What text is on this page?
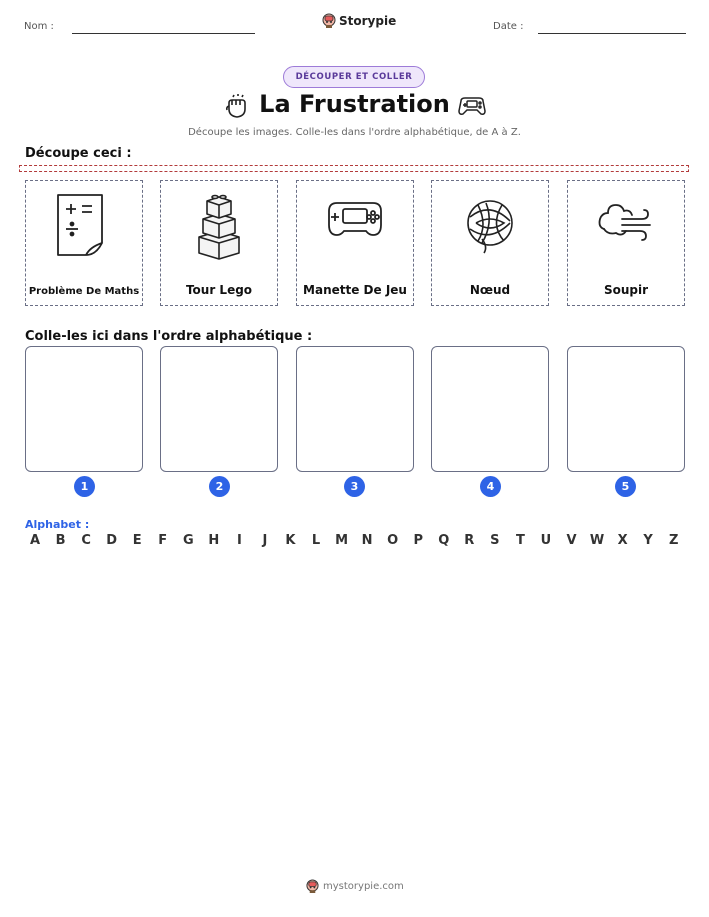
Nom :	Storypie	Date :
DÉCOUPER ET COLLER
La Frustration
Découpe les images. Colle-les dans l'ordre alphabétique, de A à Z.
Découpe ceci :
Problème De Maths	Tour Lego	Manette De Jeu	Nœud	Soupir
Colle-les ici dans l'ordre alphabétique :
1	2	3	4	5
Alphabet :
A	B	C	D	E	F	G	H	I	J	K	L	M	N	O	P	Q	R	S	T	U	V	W	X	Y	Z
mystorypie.com
